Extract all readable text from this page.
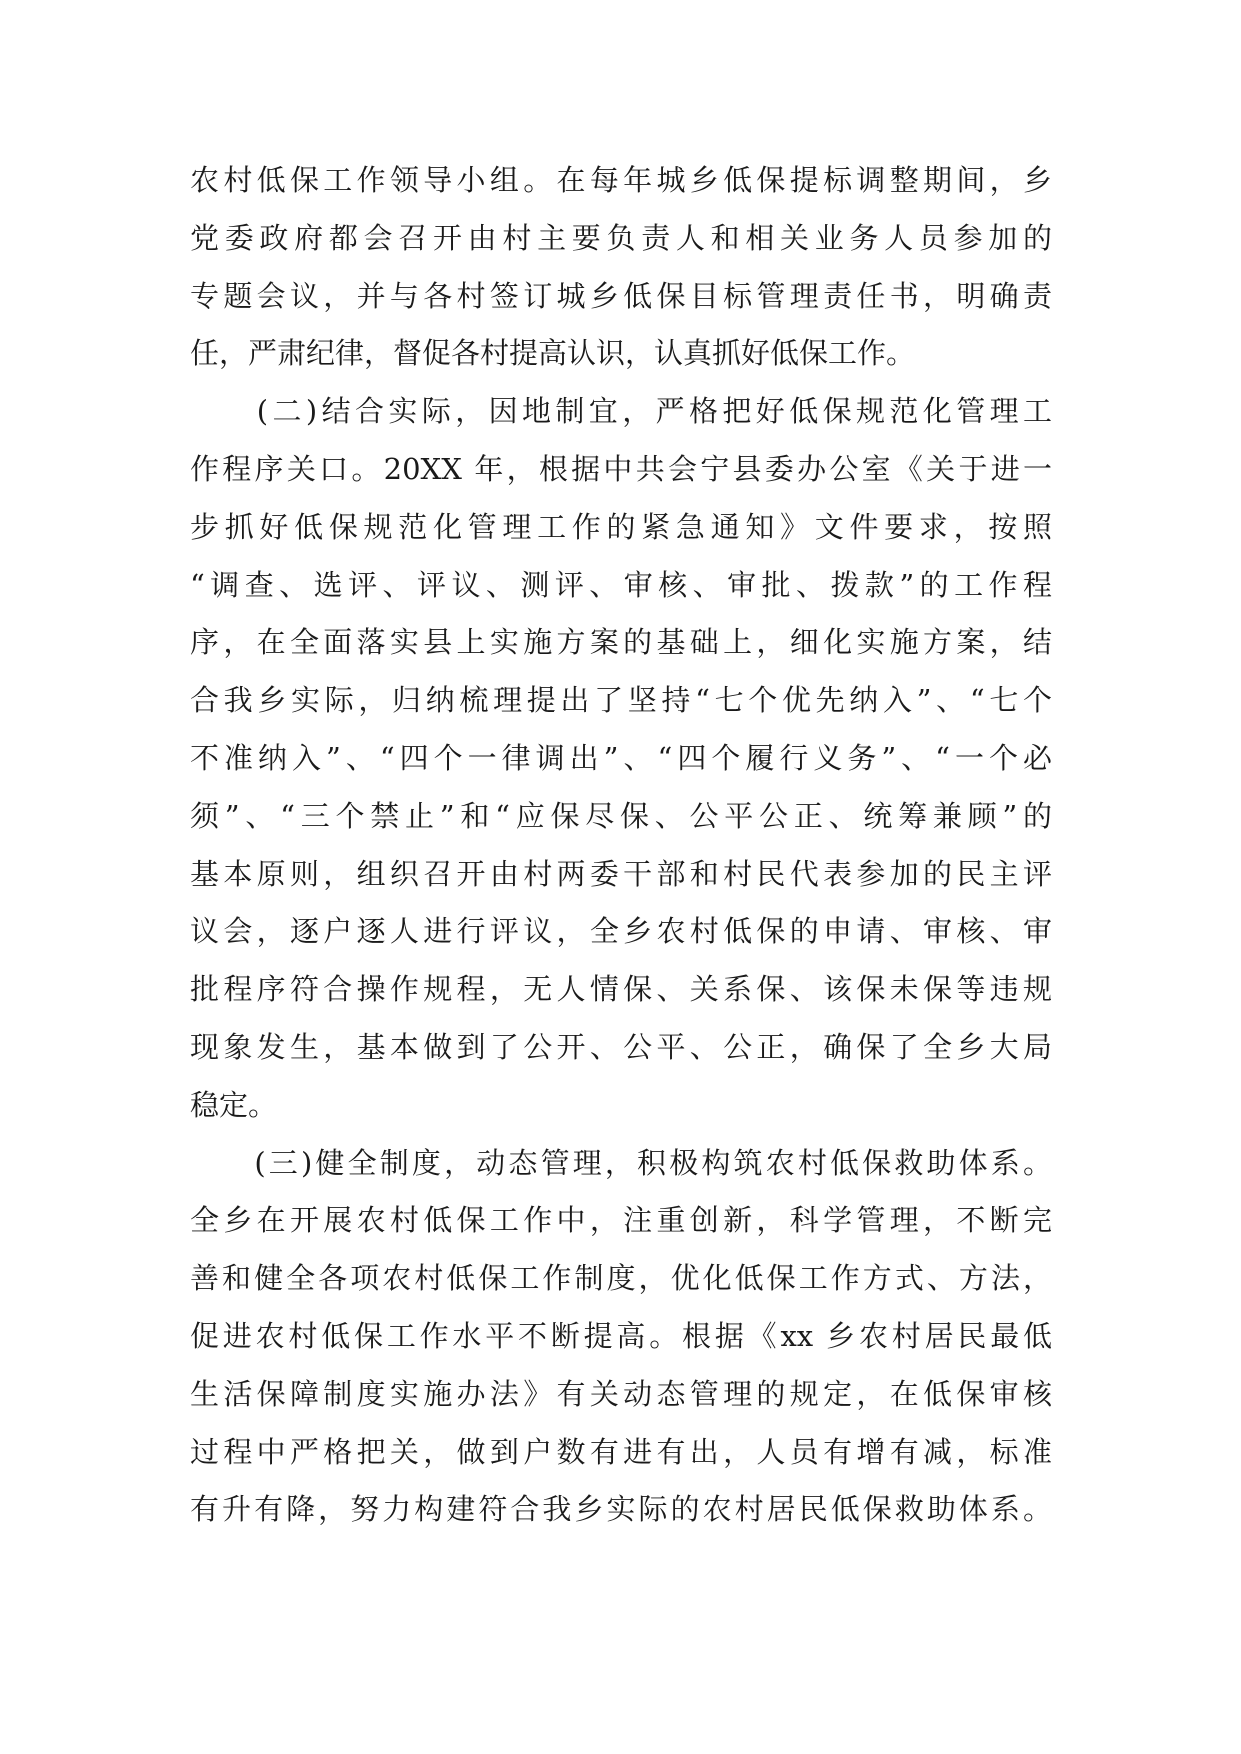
农村低保工作领导小组。在每年城乡低保提标调整期间，乡
党委政府都会召开由村主要负责人和相关业务人员参加的
专题会议，并与各村签订城乡低保目标管理责任书，明确责
任，严肃纪律，督促各村提高认识，认真抓好低保工作。
　　(二)结合实际，因地制宜，严格把好低保规范化管理工
作程序关口。20XX 年，根据中共会宁县委办公室《关于进一
步抓好低保规范化管理工作的紧急通知》文件要求，按照
“调查、选评、评议、测评、审核、审批、拨款”的工作程
序，在全面落实县上实施方案的基础上，细化实施方案，结
合我乡实际，归纳梳理提出了坚持“七个优先纳入”、“七个
不准纳入”、“四个一律调出”、“四个履行义务”、“一个必
须”、“三个禁止”和“应保尽保、公平公正、统筹兼顾”的
基本原则，组织召开由村两委干部和村民代表参加的民主评
议会，逐户逐人进行评议，全乡农村低保的申请、审核、审
批程序符合操作规程，无人情保、关系保、该保未保等违规
现象发生，基本做到了公开、公平、公正，确保了全乡大局
稳定。
　　(三)健全制度，动态管理，积极构筑农村低保救助体系。
全乡在开展农村低保工作中，注重创新，科学管理，不断完
善和健全各项农村低保工作制度，优化低保工作方式、方法，
促进农村低保工作水平不断提高。根据《xx 乡农村居民最低
生活保障制度实施办法》有关动态管理的规定，在低保审核
过程中严格把关，做到户数有进有出，人员有增有减，标准
有升有降，努力构建符合我乡实际的农村居民低保救助体系。
